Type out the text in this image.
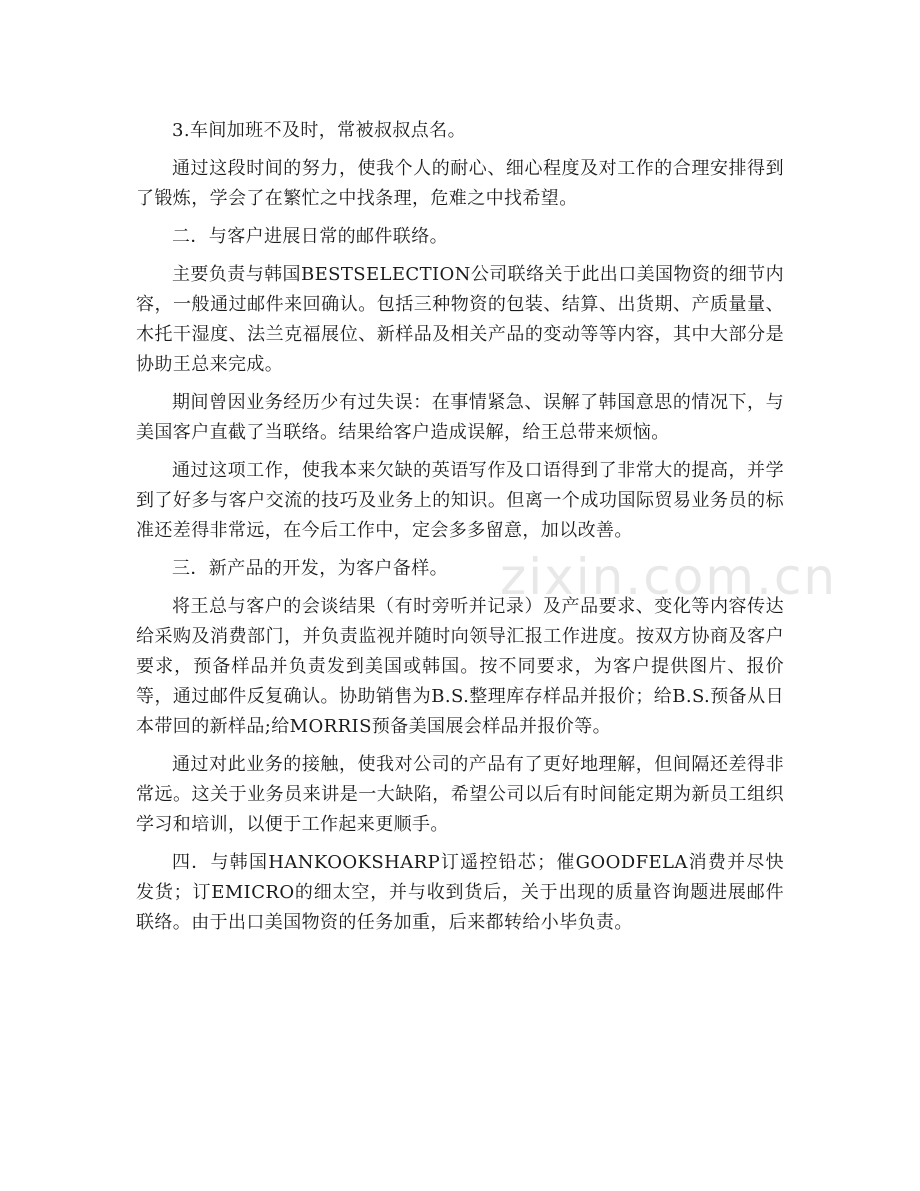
3.车间加班不及时，常被叔叔点名。

通过这段时间的努力，使我个人的耐心、细心程度及对工作的合理安排得到了锻炼，学会了在繁忙之中找条理，危难之中找希望。

二．与客户进展日常的邮件联络。

主要负责与韩国BESTSELECTION公司联络关于此出口美国物资的细节内容，一般通过邮件来回确认。包括三种物资的包装、结算、出货期、产质量量、木托干湿度、法兰克福展位、新样品及相关产品的变动等等内容，其中大部分是协助王总来完成。

期间曾因业务经历少有过失误：在事情紧急、误解了韩国意思的情况下，与美国客户直截了当联络。结果给客户造成误解，给王总带来烦恼。

通过这项工作，使我本来欠缺的英语写作及口语得到了非常大的提高，并学到了好多与客户交流的技巧及业务上的知识。但离一个成功国际贸易业务员的标准还差得非常远，在今后工作中，定会多多留意，加以改善。

三．新产品的开发，为客户备样。

将王总与客户的会谈结果（有时旁听并记录）及产品要求、变化等内容传达给采购及消费部门，并负责监视并随时向领导汇报工作进度。按双方协商及客户要求，预备样品并负责发到美国或韩国。按不同要求，为客户提供图片、报价等，通过邮件反复确认。协助销售为B.S.整理库存样品并报价；给B.S.预备从日本带回的新样品;给MORRIS预备美国展会样品并报价等。

通过对此业务的接触，使我对公司的产品有了更好地理解，但间隔还差得非常远。这关于业务员来讲是一大缺陷，希望公司以后有时间能定期为新员工组织学习和培训，以便于工作起来更顺手。

四．与韩国HANKOOKSHARP订遥控铅芯；催GOODFELA消费并尽快发货；订EMICRO的细太空，并与收到货后，关于出现的质量咨询题进展邮件联络。由于出口美国物资的任务加重，后来都转给小毕负责。

zixin.com.cn
